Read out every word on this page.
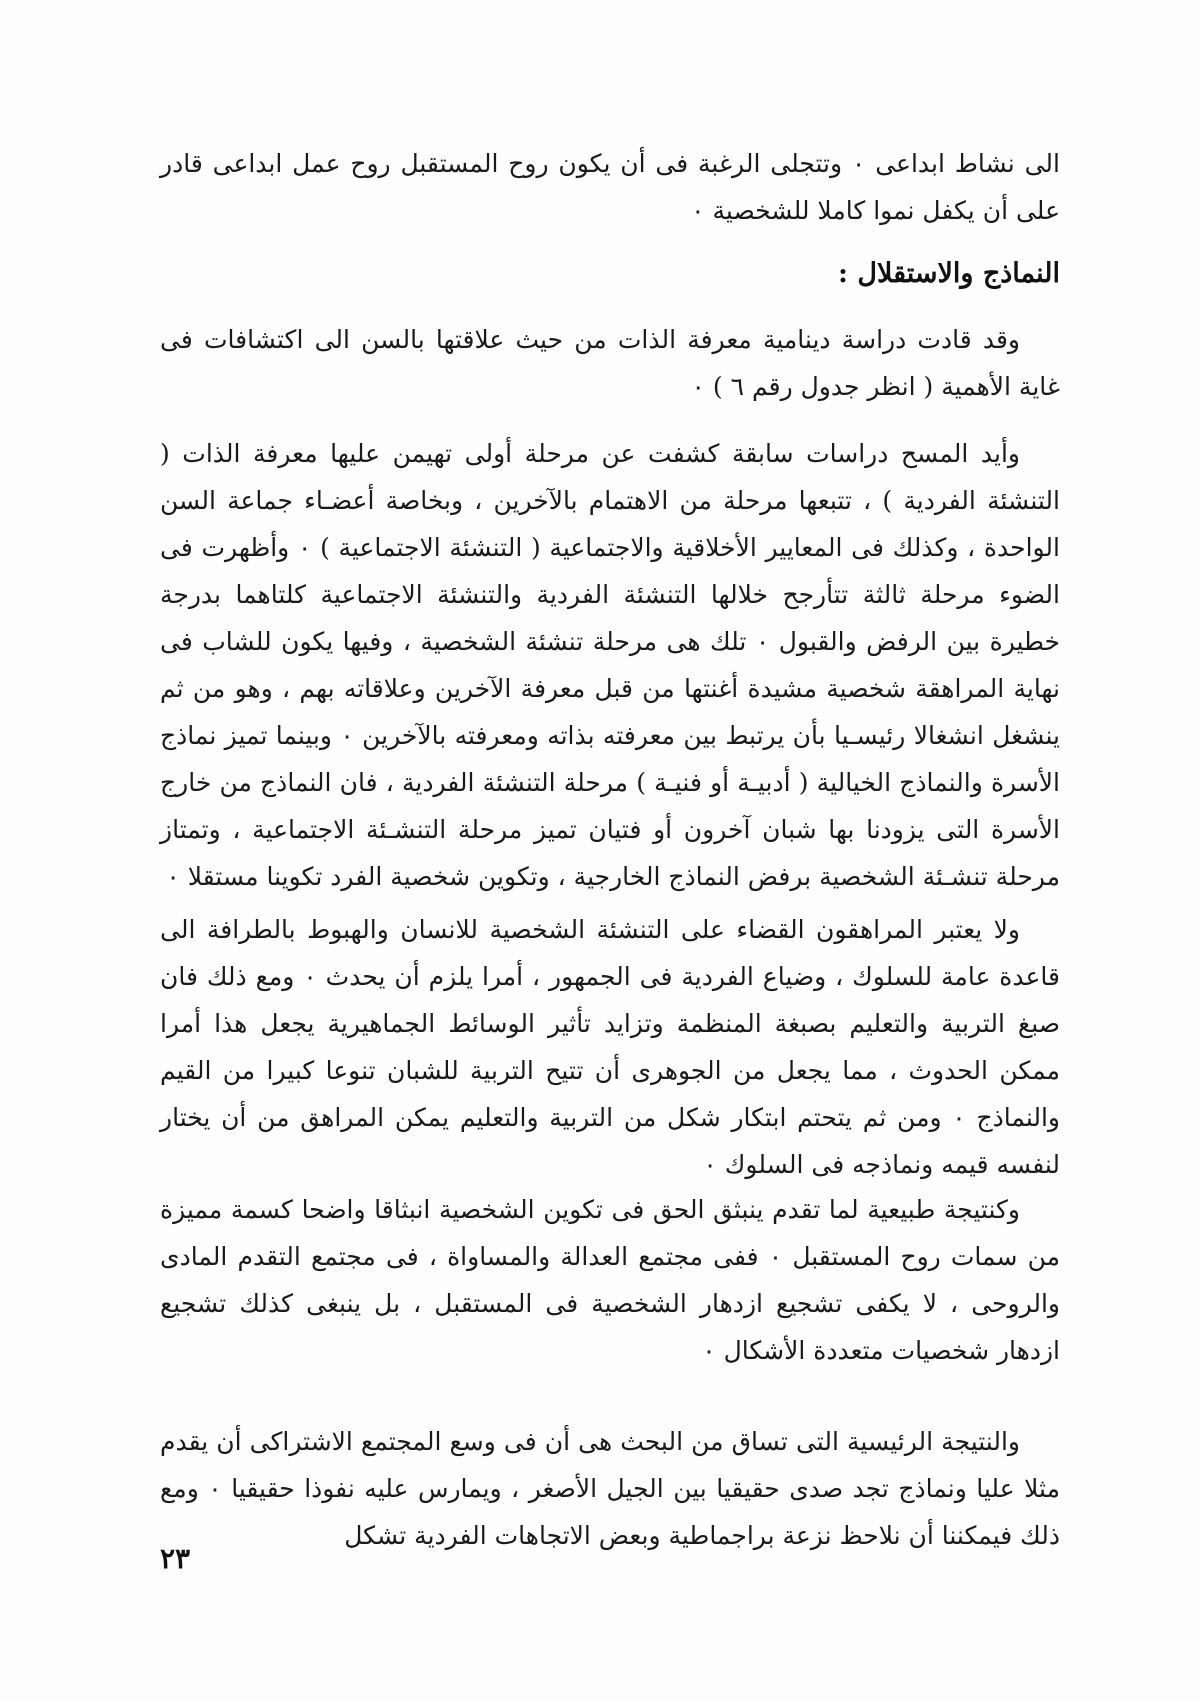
الى نشاط ابداعى ٠ وتتجلى الرغبة فى أن يكون روح المستقبل روح عمل ابداعى قادر على أن يكفل نموا كاملا للشخصية ٠

النماذج والاستقلال :

وقد قادت دراسة دينامية معرفة الذات من حيث علاقتها بالسن الى اكتشافات فى غاية الأهمية ( انظر جدول رقم ٦ ) ٠

وأيد المسح دراسات سابقة كشفت عن مرحلة أولى تهيمن عليها معرفة الذات ( التنشئة الفردية ) ، تتبعها مرحلة من الاهتمام بالآخرين ، وبخاصة أعضـاء جماعة السن الواحدة ، وكذلك فى المعايير الأخلاقية والاجتماعية ( التنشئة الاجتماعية ) ٠ وأظهرت فى الضوء مرحلة ثالثة تتأرجح خلالها التنشئة الفردية والتنشئة الاجتماعية كلتاهما بدرجة خطيرة بين الرفض والقبول ٠ تلك هى مرحلة تنشئة الشخصية ، وفيها يكون للشاب فى نهاية المراهقة شخصية مشيدة أغنتها من قبل معرفة الآخرين وعلاقاته بهم ، وهو من ثم ينشغل انشغالا رئيسـيا بأن يرتبط بين معرفته بذاته ومعرفته بالآخرين ٠ وبينما تميز نماذج الأسرة والنماذج الخيالية ( أدبيـة أو فنيـة ) مرحلة التنشئة الفردية ، فان النماذج من خارج الأسرة التى يزودنا بها شبان آخرون أو فتيان تميز مرحلة التنشـئة الاجتماعية ، وتمتاز مرحلة تنشـئة الشخصية برفض النماذج الخارجية ، وتكوين شخصية الفرد تكوينا مستقلا ٠

ولا يعتبر المراهقون القضاء على التنشئة الشخصية للانسان والهبوط بالطرافة الى قاعدة عامة للسلوك ، وضياع الفردية فى الجمهور ، أمرا يلزم أن يحدث ٠ ومع ذلك فان صبغ التربية والتعليم بصبغة المنظمة وتزايد تأثير الوسائط الجماهيرية يجعل هذا أمرا ممكن الحدوث ، مما يجعل من الجوهرى أن تتيح التربية للشبان تنوعا كبيرا من القيم والنماذج ٠ ومن ثم يتحتم ابتكار شكل من التربية والتعليم يمكن المراهق من أن يختار لنفسه قيمه ونماذجه فى السلوك ٠

وكنتيجة طبيعية لما تقدم ينبثق الحق فى تكوين الشخصية انبثاقا واضحا كسمة مميزة من سمات روح المستقبل ٠ ففى مجتمع العدالة والمساواة ، فى مجتمع التقدم المادى والروحى ، لا يكفى تشجيع ازدهار الشخصية فى المستقبل ، بل ينبغى كذلك تشجيع ازدهار شخصيات متعددة الأشكال ٠

والنتيجة الرئيسية التى تساق من البحث هى أن فى وسع المجتمع الاشتراكى أن يقدم مثلا عليا ونماذج تجد صدى حقيقيا بين الجيل الأصغر ، ويمارس عليه نفوذا حقيقيا ٠ ومع ذلك فيمكننا أن نلاحظ نزعة براجماطية وبعض الاتجاهات الفردية تشكل

٢٣
